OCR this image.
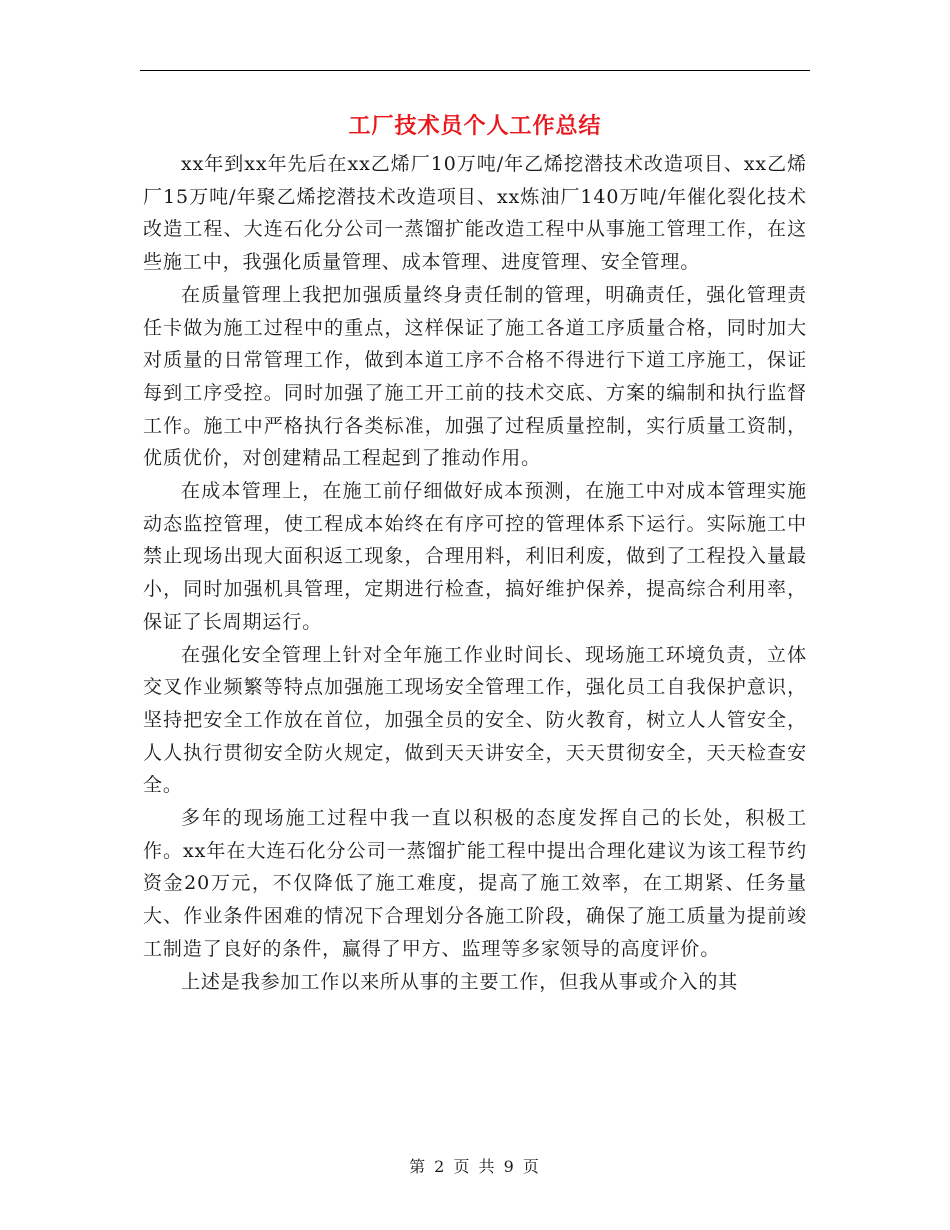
工厂技术员个人工作总结

xx年到xx年先后在xx乙烯厂10万吨/年乙烯挖潜技术改造项目、xx乙烯厂15万吨/年聚乙烯挖潜技术改造项目、xx炼油厂140万吨/年催化裂化技术改造工程、大连石化分公司一蒸馏扩能改造工程中从事施工管理工作，在这些施工中，我强化质量管理、成本管理、进度管理、安全管理。

在质量管理上我把加强质量终身责任制的管理，明确责任，强化管理责任卡做为施工过程中的重点，这样保证了施工各道工序质量合格，同时加大对质量的日常管理工作，做到本道工序不合格不得进行下道工序施工，保证每到工序受控。同时加强了施工开工前的技术交底、方案的编制和执行监督工作。施工中严格执行各类标准，加强了过程质量控制，实行质量工资制，优质优价，对创建精品工程起到了推动作用。

在成本管理上，在施工前仔细做好成本预测，在施工中对成本管理实施动态监控管理，使工程成本始终在有序可控的管理体系下运行。实际施工中禁止现场出现大面积返工现象，合理用料，利旧利废，做到了工程投入量最小，同时加强机具管理，定期进行检查，搞好维护保养，提高综合利用率，保证了长周期运行。

在强化安全管理上针对全年施工作业时间长、现场施工环境负责，立体交叉作业频繁等特点加强施工现场安全管理工作，强化员工自我保护意识，坚持把安全工作放在首位，加强全员的安全、防火教育，树立人人管安全，人人执行贯彻安全防火规定，做到天天讲安全，天天贯彻安全，天天检查安全。

多年的现场施工过程中我一直以积极的态度发挥自己的长处，积极工作。xx年在大连石化分公司一蒸馏扩能工程中提出合理化建议为该工程节约资金20万元，不仅降低了施工难度，提高了施工效率，在工期紧、任务量大、作业条件困难的情况下合理划分各施工阶段，确保了施工质量为提前竣工制造了良好的条件，赢得了甲方、监理等多家领导的高度评价。

上述是我参加工作以来所从事的主要工作，但我从事或介入的其

第 2 页 共 9 页
